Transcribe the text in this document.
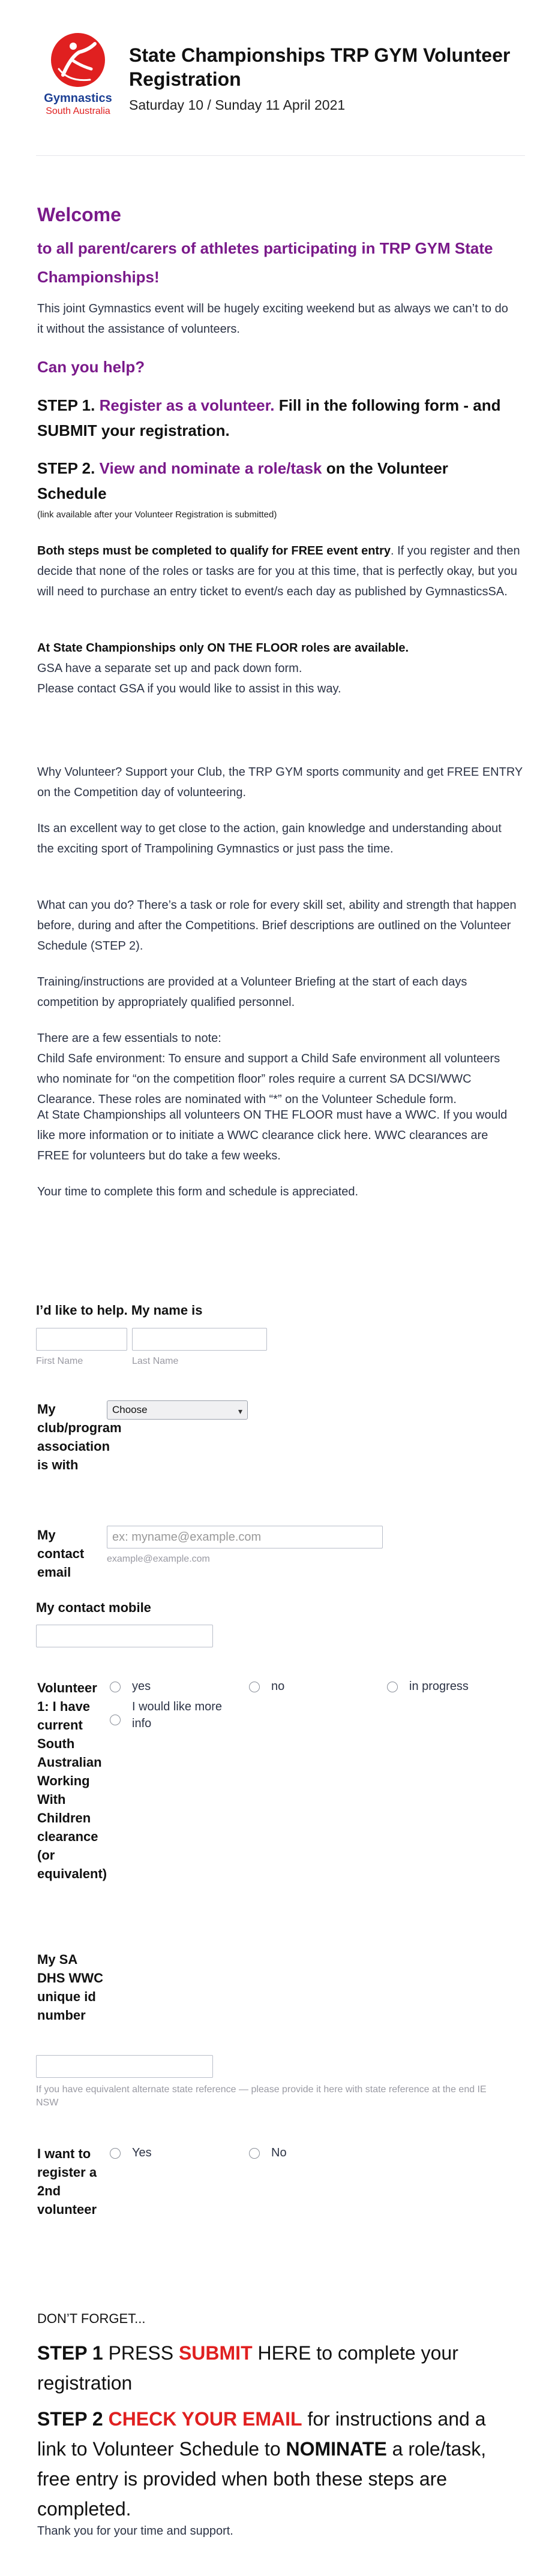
Gymnastics
South Australia
State Championships TRP GYM Volunteer Registration
Saturday 10 / Sunday 11 April 2021
Welcome
to all parent/carers of athletes participating in TRP GYM State Championships!

This joint Gymnastics event will be hugely exciting weekend but as always we can’t to do it without the assistance of volunteers.

Can you help?
STEP 1. Register as a volunteer. Fill in the following form - and SUBMIT your registration.
STEP 2. View and nominate a role/task on the Volunteer Schedule
(link available after your Volunteer Registration is submitted)

Both steps must be completed to qualify for FREE event entry. If you register and then decide that none of the roles or tasks are for you at this time, that is perfectly okay, but you will need to purchase an entry ticket to event/s each day as published by GymnasticsSA.

At State Championships only ON THE FLOOR roles are available.
GSA have a separate set up and pack down form.
Please contact GSA if you would like to assist in this way.

Why Volunteer? Support your Club, the TRP GYM sports community and get FREE ENTRY on the Competition day of volunteering.

Its an excellent way to get close to the action, gain knowledge and understanding about the exciting sport of Trampolining Gymnastics or just pass the time.

What can you do? There’s a task or role for every skill set, ability and strength that happen before, during and after the Competitions. Brief descriptions are outlined on the Volunteer Schedule (STEP 2).

Training/instructions are provided at a Volunteer Briefing at the start of each days competition by appropriately qualified personnel.

There are a few essentials to note:
Child Safe environment: To ensure and support a Child Safe environment all volunteers who nominate for “on the competition floor” roles require a current SA DCSI/WWC Clearance. These roles are nominated with “*” on the Volunteer Schedule form.

At State Championships all volunteers ON THE FLOOR must have a WWC. If you would like more information or to initiate a WWC clearance click here. WWC clearances are FREE for volunteers but do take a few weeks.

Your time to complete this form and schedule is appreciated.

I’d like to help. My name is
First Name	Last Name
My club/program association is with
Choose	▾
My contact email
ex: myname@example.com
example@example.com
My contact mobile
Volunteer 1: I have current South Australian Working With Children clearance (or equivalent)
yes	no	in progress
I would like more info
My SA DHS WWC unique id number
If you have equivalent alternate state reference — please provide it here with state reference at the end IE NSW
I want to register a 2nd volunteer
Yes	No
DON’T FORGET...
STEP 1 PRESS SUBMIT HERE to complete your registration
STEP 2 CHECK YOUR EMAIL for instructions and a link to Volunteer Schedule to NOMINATE a role/task, free entry is provided when both these steps are completed.

Thank you for your time and support.
